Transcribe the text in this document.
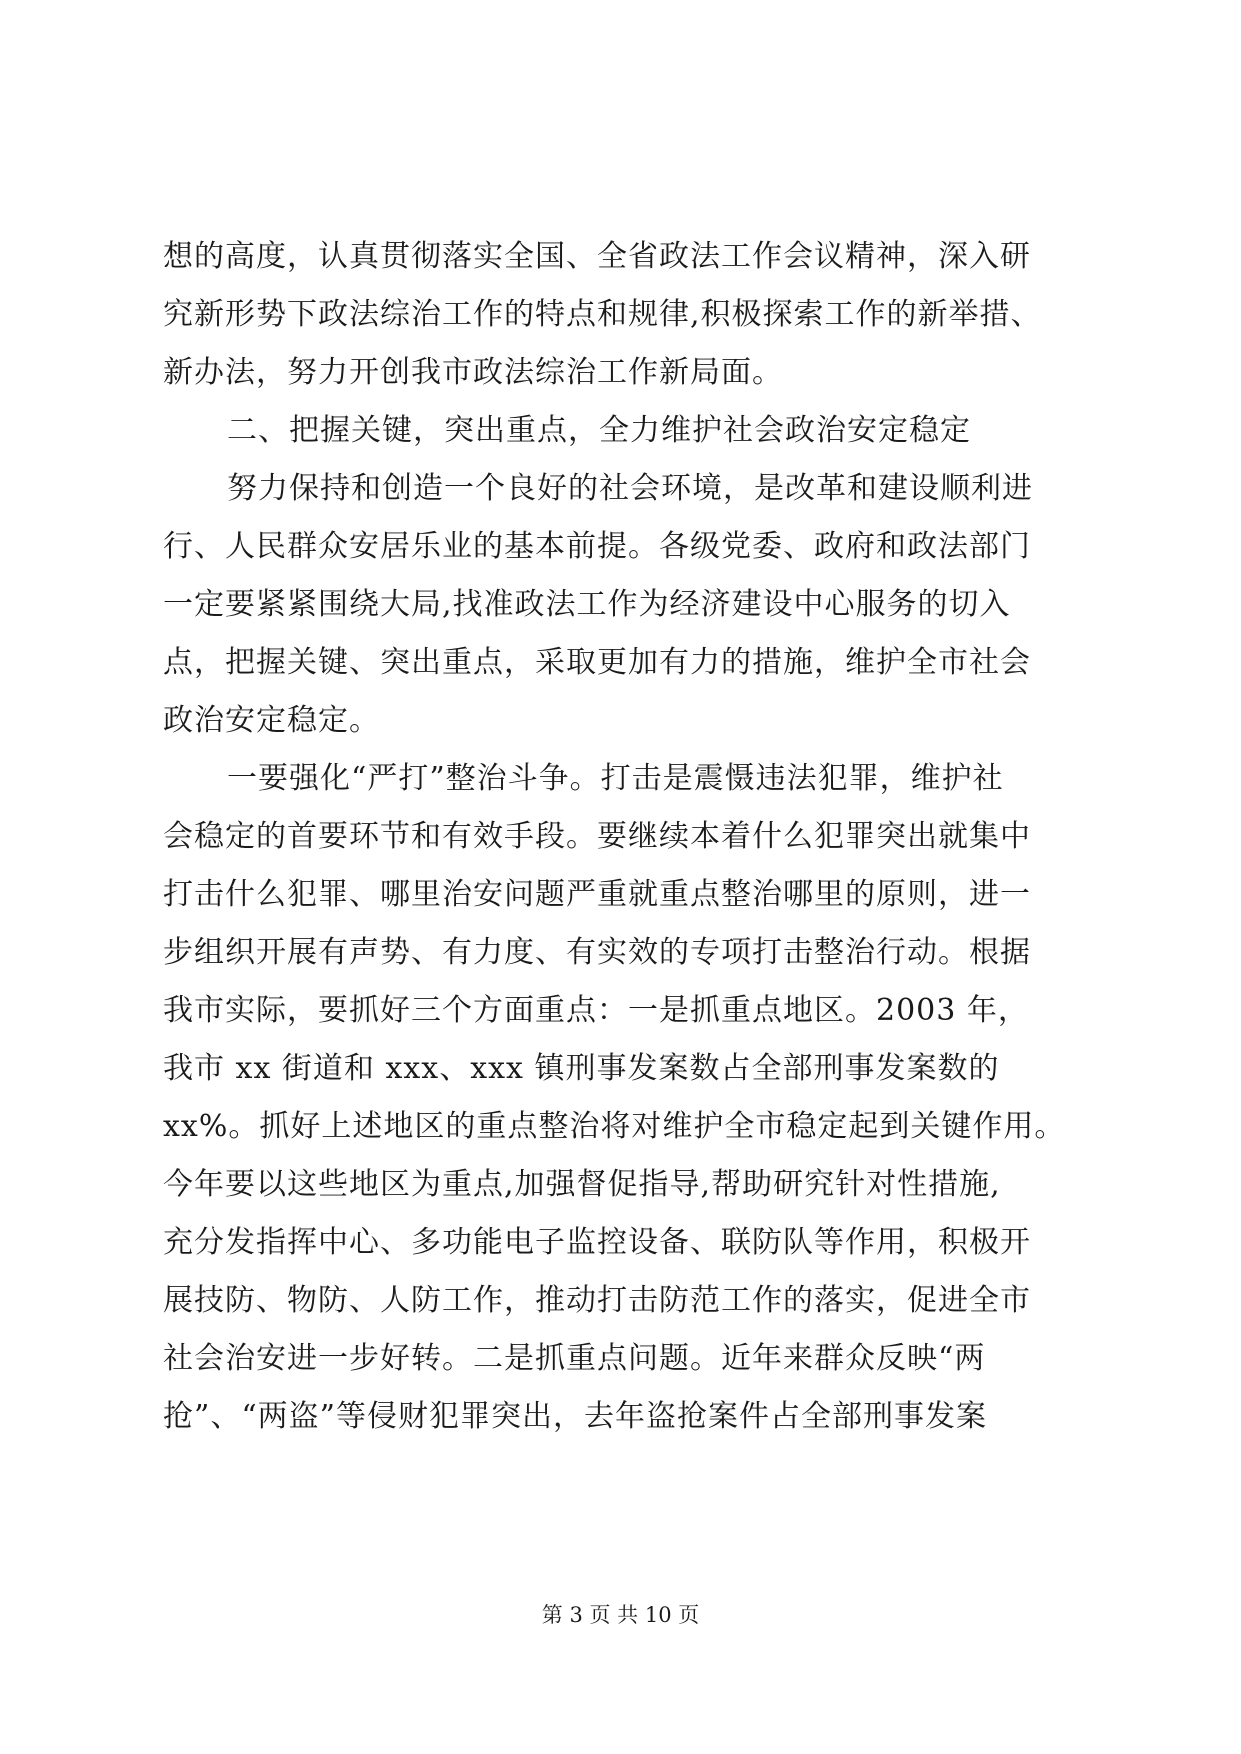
想的高度，认真贯彻落实全国、全省政法工作会议精神，深入研
究新形势下政法综治工作的特点和规律,积极探索工作的新举措、
新办法，努力开创我市政法综治工作新局面。
二、把握关键，突出重点，全力维护社会政治安定稳定
努力保持和创造一个良好的社会环境，是改革和建设顺利进
行、人民群众安居乐业的基本前提。各级党委、政府和政法部门
一定要紧紧围绕大局,找准政法工作为经济建设中心服务的切入
点，把握关键、突出重点，采取更加有力的措施，维护全市社会
政治安定稳定。
一要强化“严打”整治斗争。打击是震慑违法犯罪，维护社
会稳定的首要环节和有效手段。要继续本着什么犯罪突出就集中
打击什么犯罪、哪里治安问题严重就重点整治哪里的原则，进一
步组织开展有声势、有力度、有实效的专项打击整治行动。根据
我市实际，要抓好三个方面重点：一是抓重点地区。2003 年，
我市 xx 街道和 xxx、xxx 镇刑事发案数占全部刑事发案数的
xx%。抓好上述地区的重点整治将对维护全市稳定起到关键作用。
今年要以这些地区为重点,加强督促指导,帮助研究针对性措施,
充分发指挥中心、多功能电子监控设备、联防队等作用，积极开
展技防、物防、人防工作，推动打击防范工作的落实，促进全市
社会治安进一步好转。二是抓重点问题。近年来群众反映“两
抢”、“两盗”等侵财犯罪突出，去年盗抢案件占全部刑事发案
第 3 页 共 10 页
